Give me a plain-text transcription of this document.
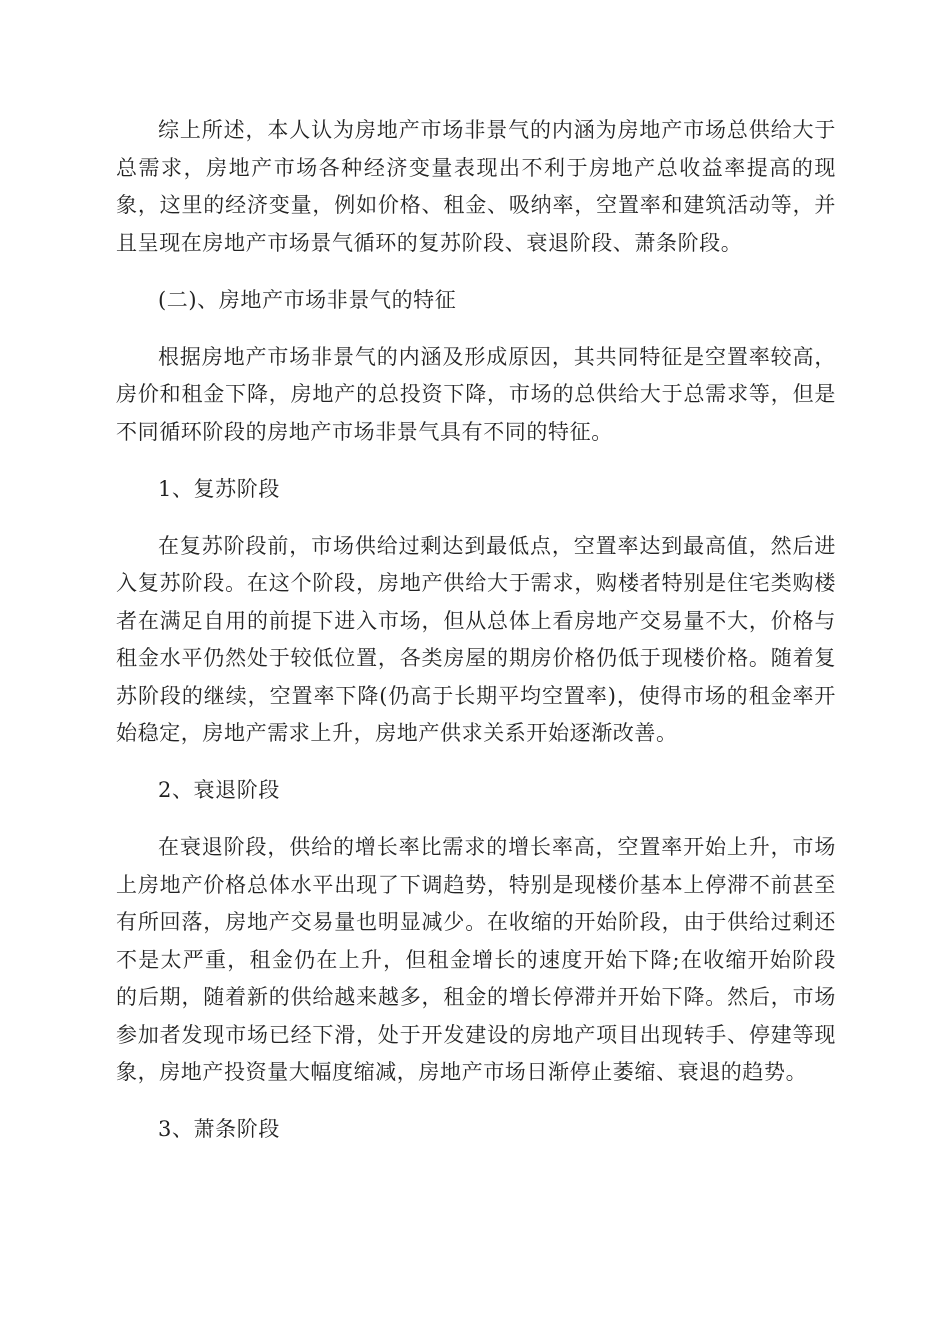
综上所述，本人认为房地产市场非景气的内涵为房地产市场总供给大于总需求，房地产市场各种经济变量表现出不利于房地产总收益率提高的现象，这里的经济变量，例如价格、租金、吸纳率，空置率和建筑活动等，并且呈现在房地产市场景气循环的复苏阶段、衰退阶段、萧条阶段。

(二)、房地产市场非景气的特征

根据房地产市场非景气的内涵及形成原因，其共同特征是空置率较高，房价和租金下降，房地产的总投资下降，市场的总供给大于总需求等，但是不同循环阶段的房地产市场非景气具有不同的特征。

1、复苏阶段

在复苏阶段前，市场供给过剩达到最低点，空置率达到最高值，然后进入复苏阶段。在这个阶段，房地产供给大于需求，购楼者特别是住宅类购楼者在满足自用的前提下进入市场，但从总体上看房地产交易量不大，价格与租金水平仍然处于较低位置，各类房屋的期房价格仍低于现楼价格。随着复苏阶段的继续，空置率下降(仍高于长期平均空置率)，使得市场的租金率开始稳定，房地产需求上升，房地产供求关系开始逐渐改善。

2、衰退阶段

在衰退阶段，供给的增长率比需求的增长率高，空置率开始上升，市场上房地产价格总体水平出现了下调趋势，特别是现楼价基本上停滞不前甚至有所回落，房地产交易量也明显减少。在收缩的开始阶段，由于供给过剩还不是太严重，租金仍在上升，但租金增长的速度开始下降;在收缩开始阶段的后期，随着新的供给越来越多，租金的增长停滞并开始下降。然后，市场参加者发现市场已经下滑，处于开发建设的房地产项目出现转手、停建等现象，房地产投资量大幅度缩减，房地产市场日渐停止萎缩、衰退的趋势。

3、萧条阶段
